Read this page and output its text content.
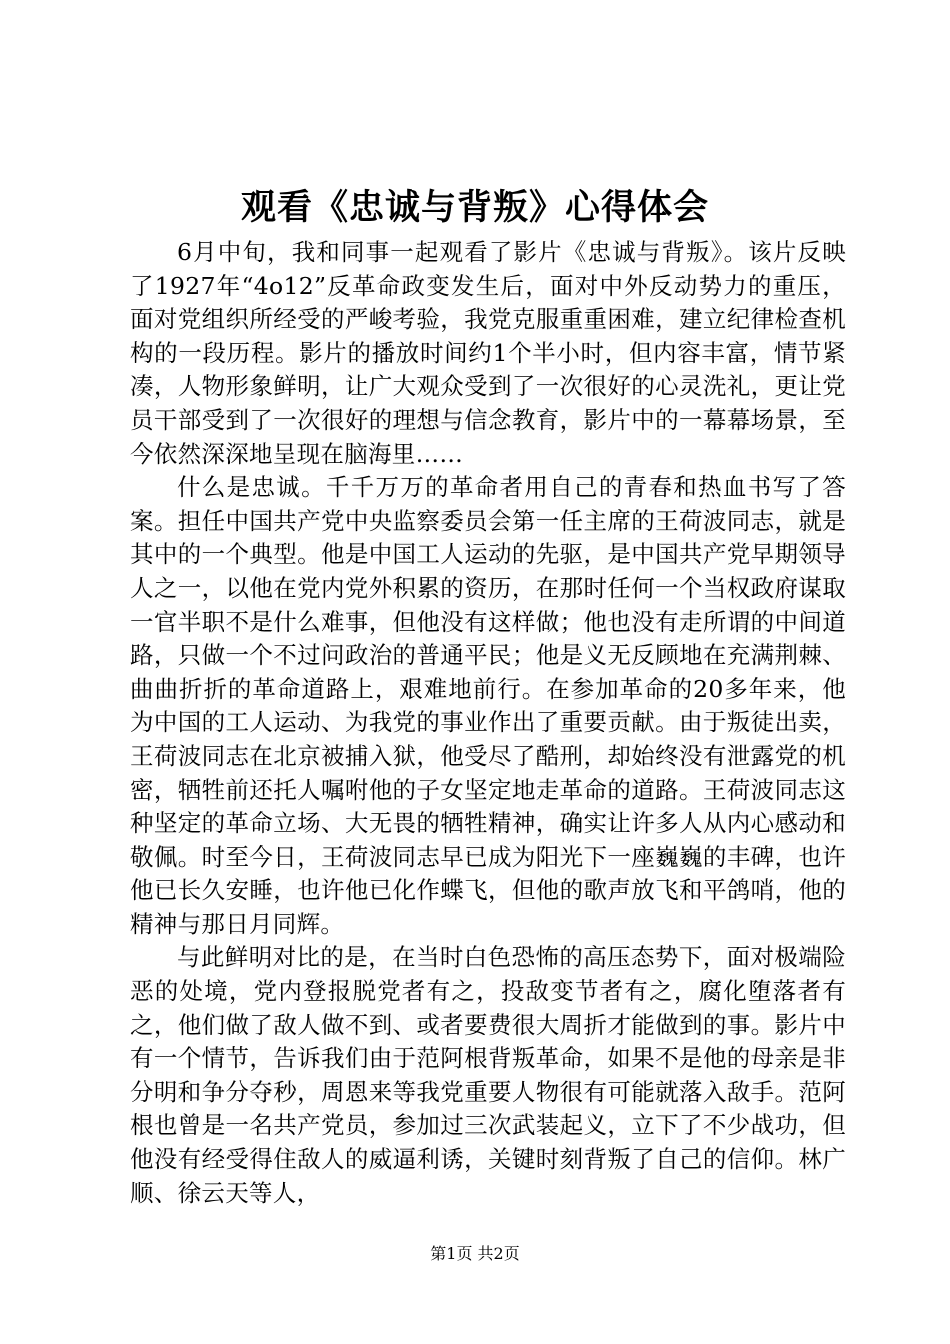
观看《忠诚与背叛》心得体会

6月中旬，我和同事一起观看了影片《忠诚与背叛》。该片反映了1927年“4o12”反革命政变发生后，面对中外反动势力的重压，面对党组织所经受的严峻考验，我党克服重重困难，建立纪律检查机构的一段历程。影片的播放时间约1个半小时，但内容丰富，情节紧凑，人物形象鲜明，让广大观众受到了一次很好的心灵洗礼，更让党员干部受到了一次很好的理想与信念教育，影片中的一幕幕场景，至今依然深深地呈现在脑海里……

什么是忠诚。千千万万的革命者用自己的青春和热血书写了答案。担任中国共产党中央监察委员会第一任主席的王荷波同志，就是其中的一个典型。他是中国工人运动的先驱，是中国共产党早期领导人之一，以他在党内党外积累的资历，在那时任何一个当权政府谋取一官半职不是什么难事，但他没有这样做；他也没有走所谓的中间道路，只做一个不过问政治的普通平民；他是义无反顾地在充满荆棘、曲曲折折的革命道路上，艰难地前行。在参加革命的20多年来，他为中国的工人运动、为我党的事业作出了重要贡献。由于叛徒出卖，王荷波同志在北京被捕入狱，他受尽了酷刑，却始终没有泄露党的机密，牺牲前还托人嘱咐他的子女坚定地走革命的道路。王荷波同志这种坚定的革命立场、大无畏的牺牲精神，确实让许多人从内心感动和敬佩。时至今日，王荷波同志早已成为阳光下一座巍巍的丰碑，也许他已长久安睡，也许他已化作蝶飞，但他的歌声放飞和平鸽哨，他的精神与那日月同辉。

与此鲜明对比的是，在当时白色恐怖的高压态势下，面对极端险恶的处境，党内登报脱党者有之，投敌变节者有之，腐化堕落者有之，他们做了敌人做不到、或者要费很大周折才能做到的事。影片中有一个情节，告诉我们由于范阿根背叛革命，如果不是他的母亲是非分明和争分夺秒，周恩来等我党重要人物很有可能就落入敌手。范阿根也曾是一名共产党员，参加过三次武装起义，立下了不少战功，但他没有经受得住敌人的威逼利诱，关键时刻背叛了自己的信仰。林广顺、徐云天等人，

第1页 共2页
